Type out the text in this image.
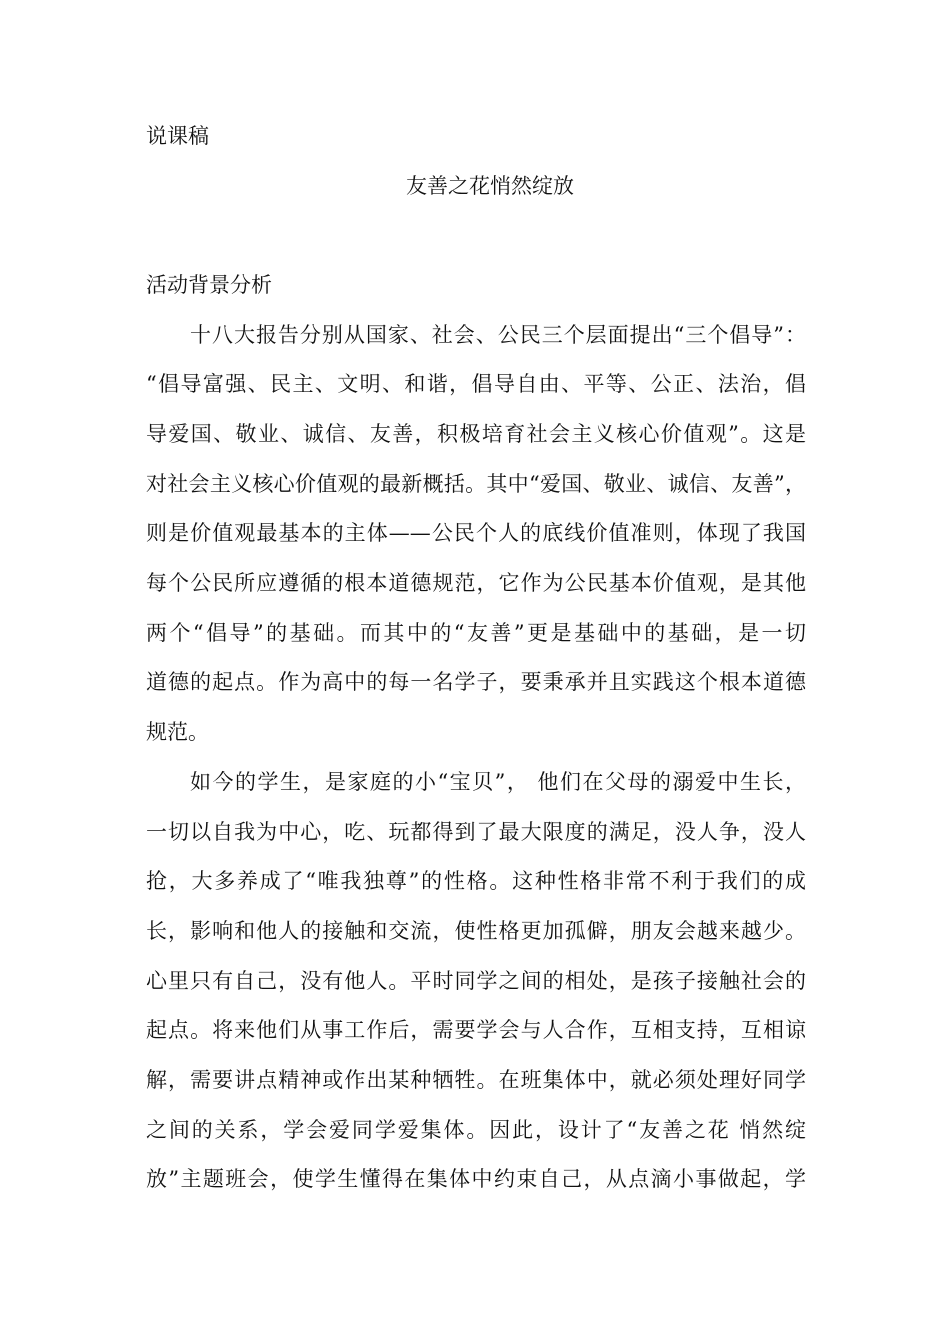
说课稿

友善之花悄然绽放
活动背景分析
十八大报告分别从国家、社会、公民三个层面提出“三个倡导”：
“倡导富强、民主、文明、和谐，倡导自由、平等、公正、法治，倡
导爱国、敬业、诚信、友善，积极培育社会主义核心价值观”。这是
对社会主义核心价值观的最新概括。其中“爱国、敬业、诚信、友善”，
则是价值观最基本的主体——公民个人的底线价值准则，体现了我国
每个公民所应遵循的根本道德规范，它作为公民基本价值观，是其他
两个“倡导”的基础。而其中的“友善”更是基础中的基础，是一切
道德的起点。作为高中的每一名学子，要秉承并且实践这个根本道德
规范。
如今的学生，是家庭的小“宝贝”， 他们在父母的溺爱中生长，
一切以自我为中心，吃、玩都得到了最大限度的满足，没人争，没人
抢，大多养成了“唯我独尊”的性格。这种性格非常不利于我们的成
长，影响和他人的接触和交流，使性格更加孤僻，朋友会越来越少。
心里只有自己，没有他人。平时同学之间的相处，是孩子接触社会的
起点。将来他们从事工作后，需要学会与人合作，互相支持，互相谅
解，需要讲点精神或作出某种牺牲。在班集体中，就必须处理好同学
之间的关系，学会爱同学爱集体。因此，设计了“友善之花 悄然绽
放”主题班会，使学生懂得在集体中约束自己，从点滴小事做起，学
